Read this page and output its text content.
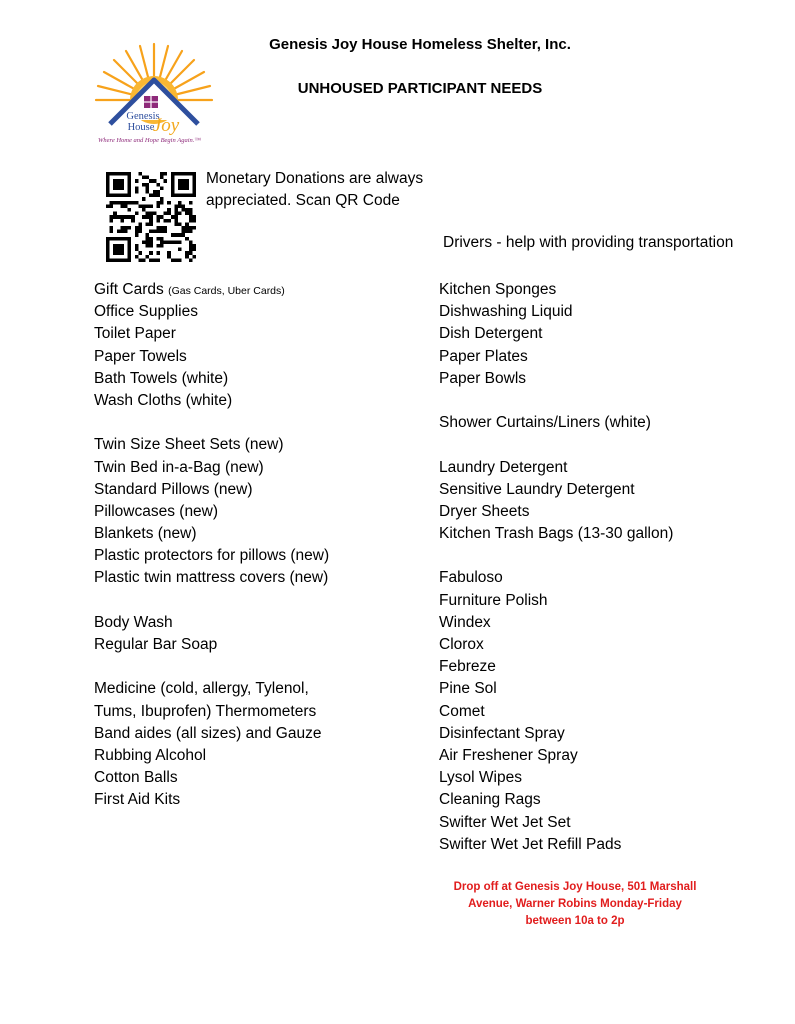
Genesis Joy House Homeless Shelter, Inc.
UNHOUSED PARTICIPANT NEEDS
Genesis
House
Joy
Where Home and Hope Begin Again.™
Monetary Donations are always appreciated. Scan QR Code
Drivers - help with providing transportation
Gift Cards (Gas Cards, Uber Cards)
Office Supplies
Toilet Paper
Paper Towels
Bath Towels (white)
Wash Cloths (white)
Twin Size Sheet Sets (new)
Twin Bed in-a-Bag (new)
Standard Pillows (new)
Pillowcases (new)
Blankets (new)
Plastic protectors for pillows (new)
Plastic twin mattress covers (new)
Body Wash
Regular Bar Soap
Medicine (cold, allergy, Tylenol,
Tums, Ibuprofen) Thermometers
Band aides (all sizes) and Gauze
Rubbing Alcohol
Cotton Balls
First Aid Kits
Kitchen Sponges
Dishwashing Liquid
Dish Detergent
Paper Plates
Paper Bowls
Shower Curtains/Liners (white)
Laundry Detergent
Sensitive Laundry Detergent
Dryer Sheets
Kitchen Trash Bags (13-30 gallon)
Fabuloso
Furniture Polish
Windex
Clorox
Febreze
Pine Sol
Comet
Disinfectant Spray
Air Freshener Spray
Lysol Wipes
Cleaning Rags
Swifter Wet Jet Set
Swifter Wet Jet Refill Pads
Drop off at Genesis Joy House, 501 Marshall
Avenue, Warner Robins Monday-Friday
between 10a to 2p
